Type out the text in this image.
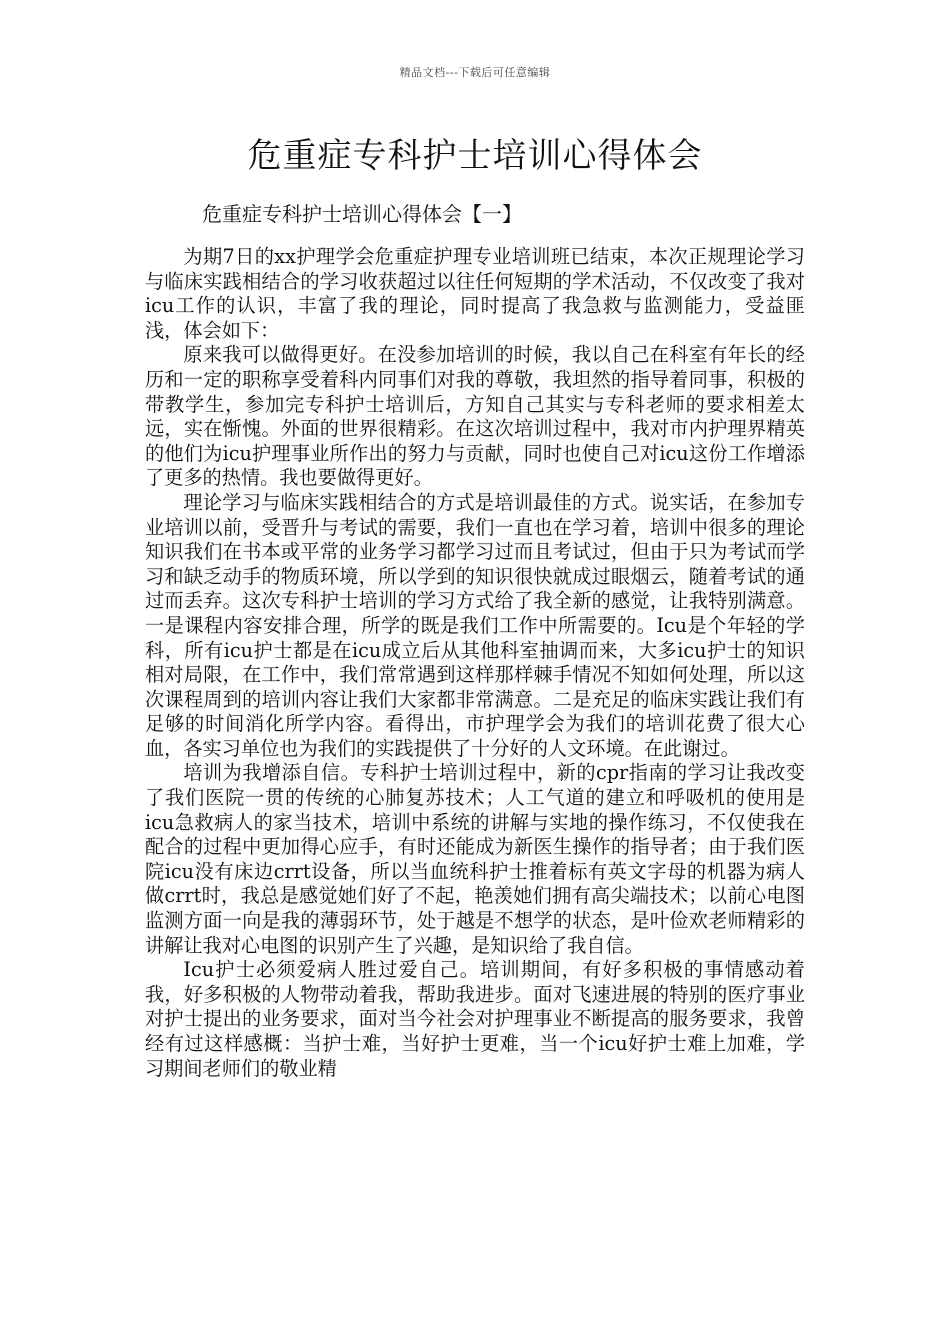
精品文档---下载后可任意编辑
危重症专科护士培训心得体会

危重症专科护士培训心得体会【一】

为期7日的xx护理学会危重症护理专业培训班已结束，本次正规理论学习与临床实践相结合的学习收获超过以往任何短期的学术活动，不仅改变了我对icu工作的认识，丰富了我的理论，同时提高了我急救与监测能力，受益匪浅，体会如下：

原来我可以做得更好。在没参加培训的时候，我以自己在科室有年长的经历和一定的职称享受着科内同事们对我的尊敬，我坦然的指导着同事，积极的带教学生，参加完专科护士培训后，方知自己其实与专科老师的要求相差太远，实在惭愧。外面的世界很精彩。在这次培训过程中，我对市内护理界精英的他们为icu护理事业所作出的努力与贡献，同时也使自己对icu这份工作增添了更多的热情。我也要做得更好。

理论学习与临床实践相结合的方式是培训最佳的方式。说实话，在参加专业培训以前，受晋升与考试的需要，我们一直也在学习着，培训中很多的理论知识我们在书本或平常的业务学习都学习过而且考试过，但由于只为考试而学习和缺乏动手的物质环境，所以学到的知识很快就成过眼烟云，随着考试的通过而丢弃。这次专科护士培训的学习方式给了我全新的感觉，让我特别满意。一是课程内容安排合理，所学的既是我们工作中所需要的。Icu是个年轻的学科，所有icu护士都是在icu成立后从其他科室抽调而来，大多icu护士的知识相对局限，在工作中，我们常常遇到这样那样棘手情况不知如何处理，所以这次课程周到的培训内容让我们大家都非常满意。二是充足的临床实践让我们有足够的时间消化所学内容。看得出，市护理学会为我们的培训花费了很大心血，各实习单位也为我们的实践提供了十分好的人文环境。在此谢过。

培训为我增添自信。专科护士培训过程中，新的cpr指南的学习让我改变了我们医院一贯的传统的心肺复苏技术；人工气道的建立和呼吸机的使用是icu急救病人的家当技术，培训中系统的讲解与实地的操作练习，不仅使我在配合的过程中更加得心应手，有时还能成为新医生操作的指导者；由于我们医院icu没有床边crrt设备，所以当血统科护士推着标有英文字母的机器为病人做crrt时，我总是感觉她们好了不起，艳羡她们拥有高尖端技术；以前心电图监测方面一向是我的薄弱环节，处于越是不想学的状态，是叶俭欢老师精彩的讲解让我对心电图的识别产生了兴趣，是知识给了我自信。

Icu护士必须爱病人胜过爱自己。培训期间，有好多积极的事情感动着我，好多积极的人物带动着我，帮助我进步。面对飞速进展的特别的医疗事业对护士提出的业务要求，面对当今社会对护理事业不断提高的服务要求，我曾经有过这样感概：当护士难，当好护士更难，当一个icu好护士难上加难，学习期间老师们的敬业精
